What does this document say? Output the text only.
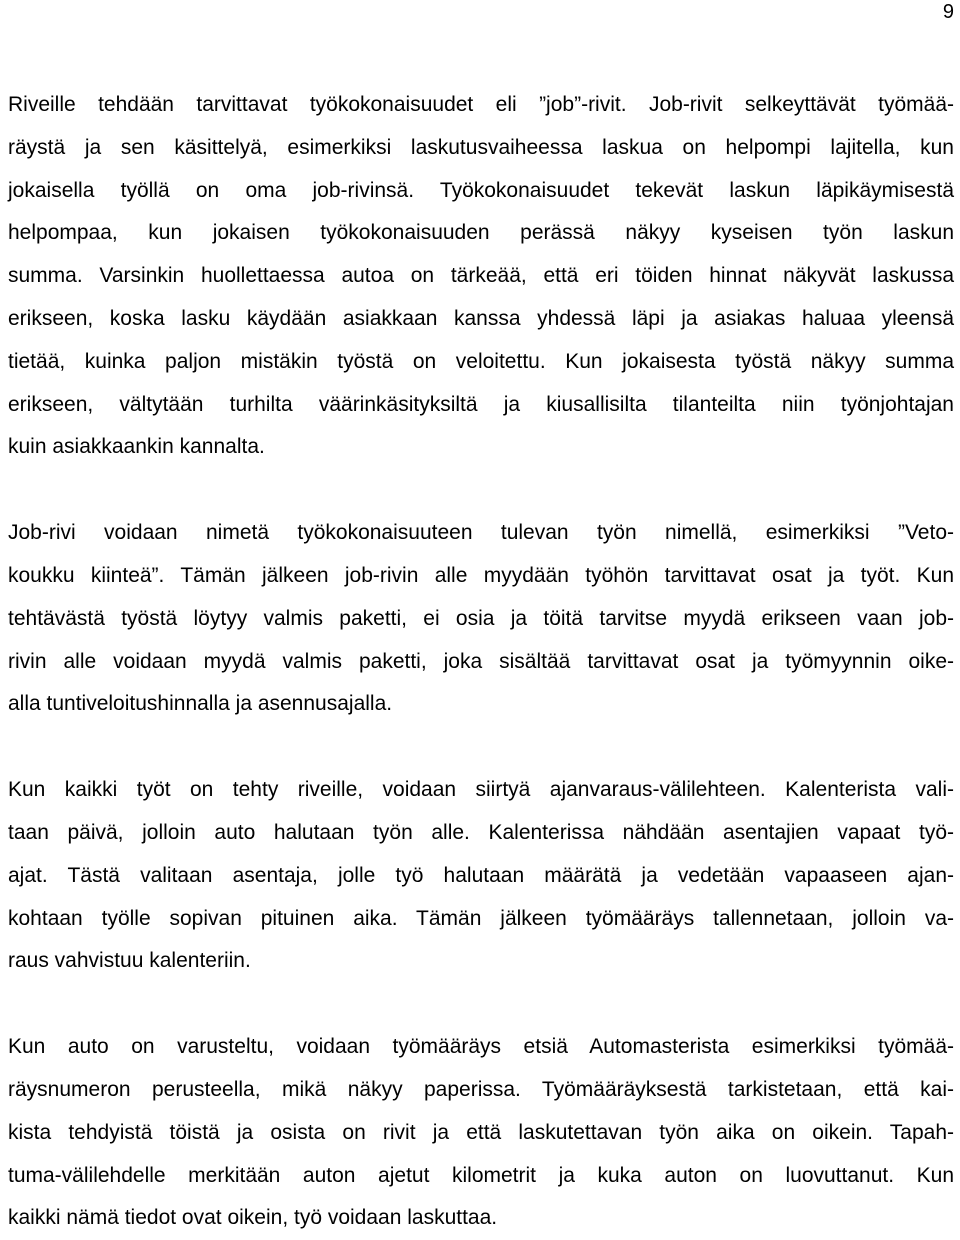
9

Riveille tehdään tarvittavat työkokonaisuudet eli ”job”-rivit. Job-rivit selkeyttävät työmää-
räystä ja sen käsittelyä, esimerkiksi laskutusvaiheessa laskua on helpompi lajitella, kun
jokaisella työllä on oma job-rivinsä. Työkokonaisuudet tekevät laskun läpikäymisestä
helpompaa, kun jokaisen työkokonaisuuden perässä näkyy kyseisen työn laskun
summa. Varsinkin huollettaessa autoa on tärkeää, että eri töiden hinnat näkyvät laskussa
erikseen, koska lasku käydään asiakkaan kanssa yhdessä läpi ja asiakas haluaa yleensä
tietää, kuinka paljon mistäkin työstä on veloitettu. Kun jokaisesta työstä näkyy summa
erikseen, vältytään turhilta väärinkäsityksiltä ja kiusallisilta tilanteilta niin työnjohtajan
kuin asiakkaankin kannalta.

Job-rivi voidaan nimetä työkokonaisuuteen tulevan työn nimellä, esimerkiksi ”Veto-
koukku kiinteä”. Tämän jälkeen job-rivin alle myydään työhön tarvittavat osat ja työt. Kun
tehtävästä työstä löytyy valmis paketti, ei osia ja töitä tarvitse myydä erikseen vaan job-
rivin alle voidaan myydä valmis paketti, joka sisältää tarvittavat osat ja työmyynnin oike-
alla tuntiveloitushinnalla ja asennusajalla.

Kun kaikki työt on tehty riveille, voidaan siirtyä ajanvaraus-välilehteen. Kalenterista vali-
taan päivä, jolloin auto halutaan työn alle. Kalenterissa nähdään asentajien vapaat työ-
ajat. Tästä valitaan asentaja, jolle työ halutaan määrätä ja vedetään vapaaseen ajan-
kohtaan työlle sopivan pituinen aika. Tämän jälkeen työmääräys tallennetaan, jolloin va-
raus vahvistuu kalenteriin.

Kun auto on varusteltu, voidaan työmääräys etsiä Automasterista esimerkiksi työmää-
räysnumeron perusteella, mikä näkyy paperissa. Työmääräyksestä tarkistetaan, että kai-
kista tehdyistä töistä ja osista on rivit ja että laskutettavan työn aika on oikein. Tapah-
tuma-välilehdelle merkitään auton ajetut kilometrit ja kuka auton on luovuttanut. Kun
kaikki nämä tiedot ovat oikein, työ voidaan laskuttaa.
